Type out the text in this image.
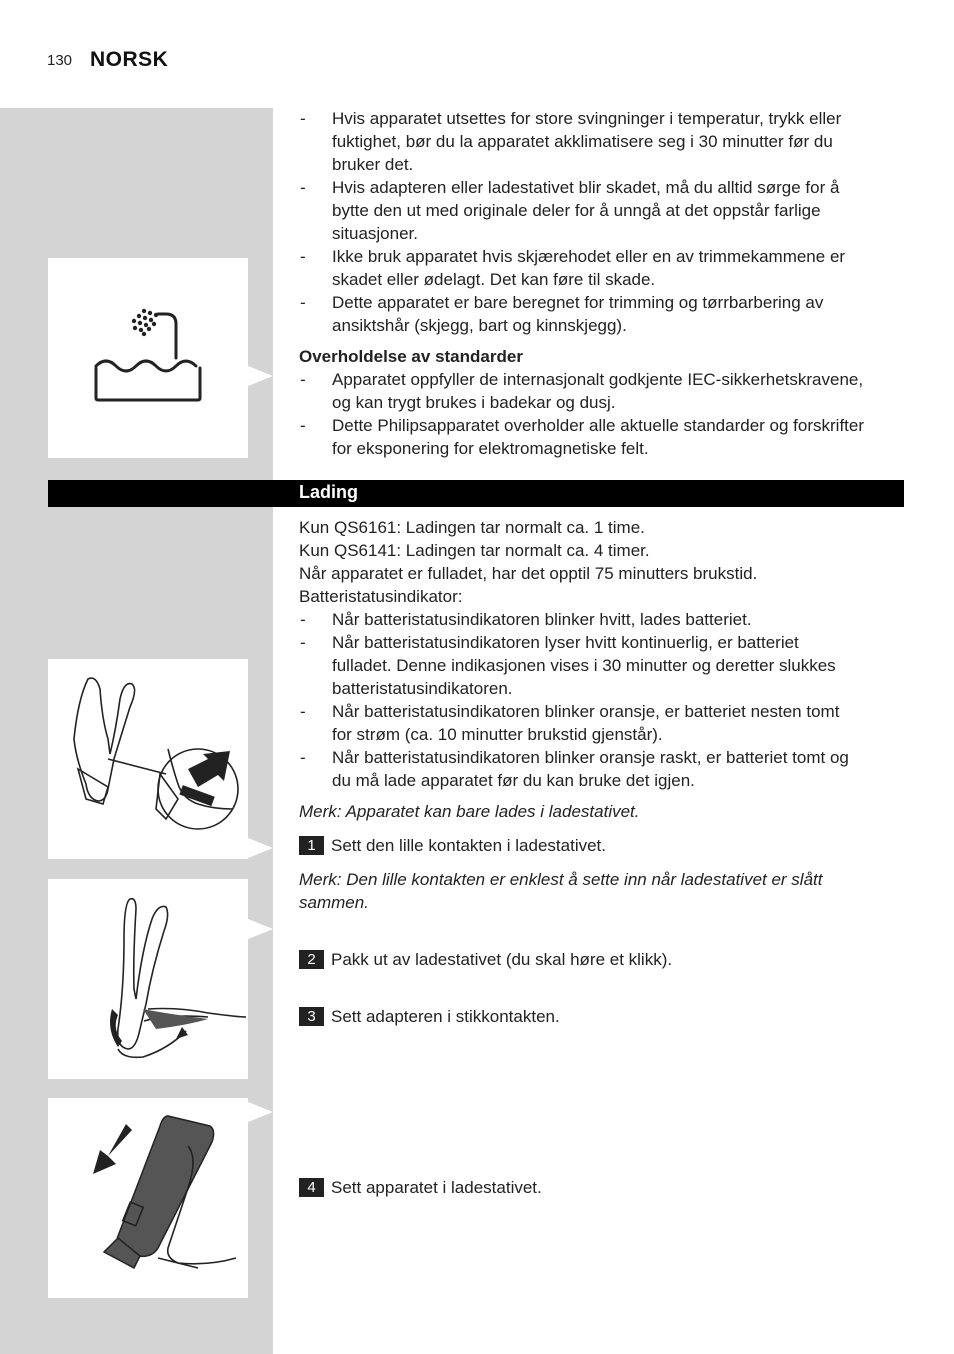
130 NORSK
- Hvis apparatet utsettes for store svingninger i temperatur, trykk eller

fuktighet, bør du la apparatet akklimatisere seg i 30 minutter før du

bruker det.

- Hvis adapteren eller ladestativet blir skadet, må du alltid sørge for å

bytte den ut med originale deler for å unngå at det oppstår farlige

situasjoner.

- Ikke bruk apparatet hvis skjærehodet eller en av trimmekammene er

skadet eller ødelagt. Det kan føre til skade.

- Dette apparatet er bare beregnet for trimming og tørrbarbering av

ansiktshår (skjegg, bart og kinnskjegg).

Overholdelse av standarder

- Apparatet oppfyller de internasjonalt godkjente IEC-sikkerhetskravene,

og kan trygt brukes i badekar og dusj.

- Dette Philipsapparatet overholder alle aktuelle standarder og forskrifter

for eksponering for elektromagnetiske felt.

Lading

Kun QS6161: Ladingen tar normalt ca. 1 time.

Kun QS6141: Ladingen tar normalt ca. 4 timer.

Når apparatet er fulladet, har det opptil 75 minutters brukstid.

Batteristatusindikator:

- Når batteristatusindikatoren blinker hvitt, lades batteriet.

- Når batteristatusindikatoren lyser hvitt kontinuerlig, er batteriet

fulladet. Denne indikasjonen vises i 30 minutter og deretter slukkes

batteristatusindikatoren.

- Når batteristatusindikatoren blinker oransje, er batteriet nesten tomt

for strøm (ca. 10 minutter brukstid gjenstår).

- Når batteristatusindikatoren blinker oransje raskt, er batteriet tomt og

du må lade apparatet før du kan bruke det igjen.

Merk: Apparatet kan bare lades i ladestativet.
1 Sett den lille kontakten i ladestativet.

Merk: Den lille kontakten er enklest å sette inn når ladestativet er slått

sammen.

2 Pakk ut av ladestativet (du skal høre et klikk).
3 Sett adapteren i stikkontakten.
4 Sett apparatet i ladestativet.
